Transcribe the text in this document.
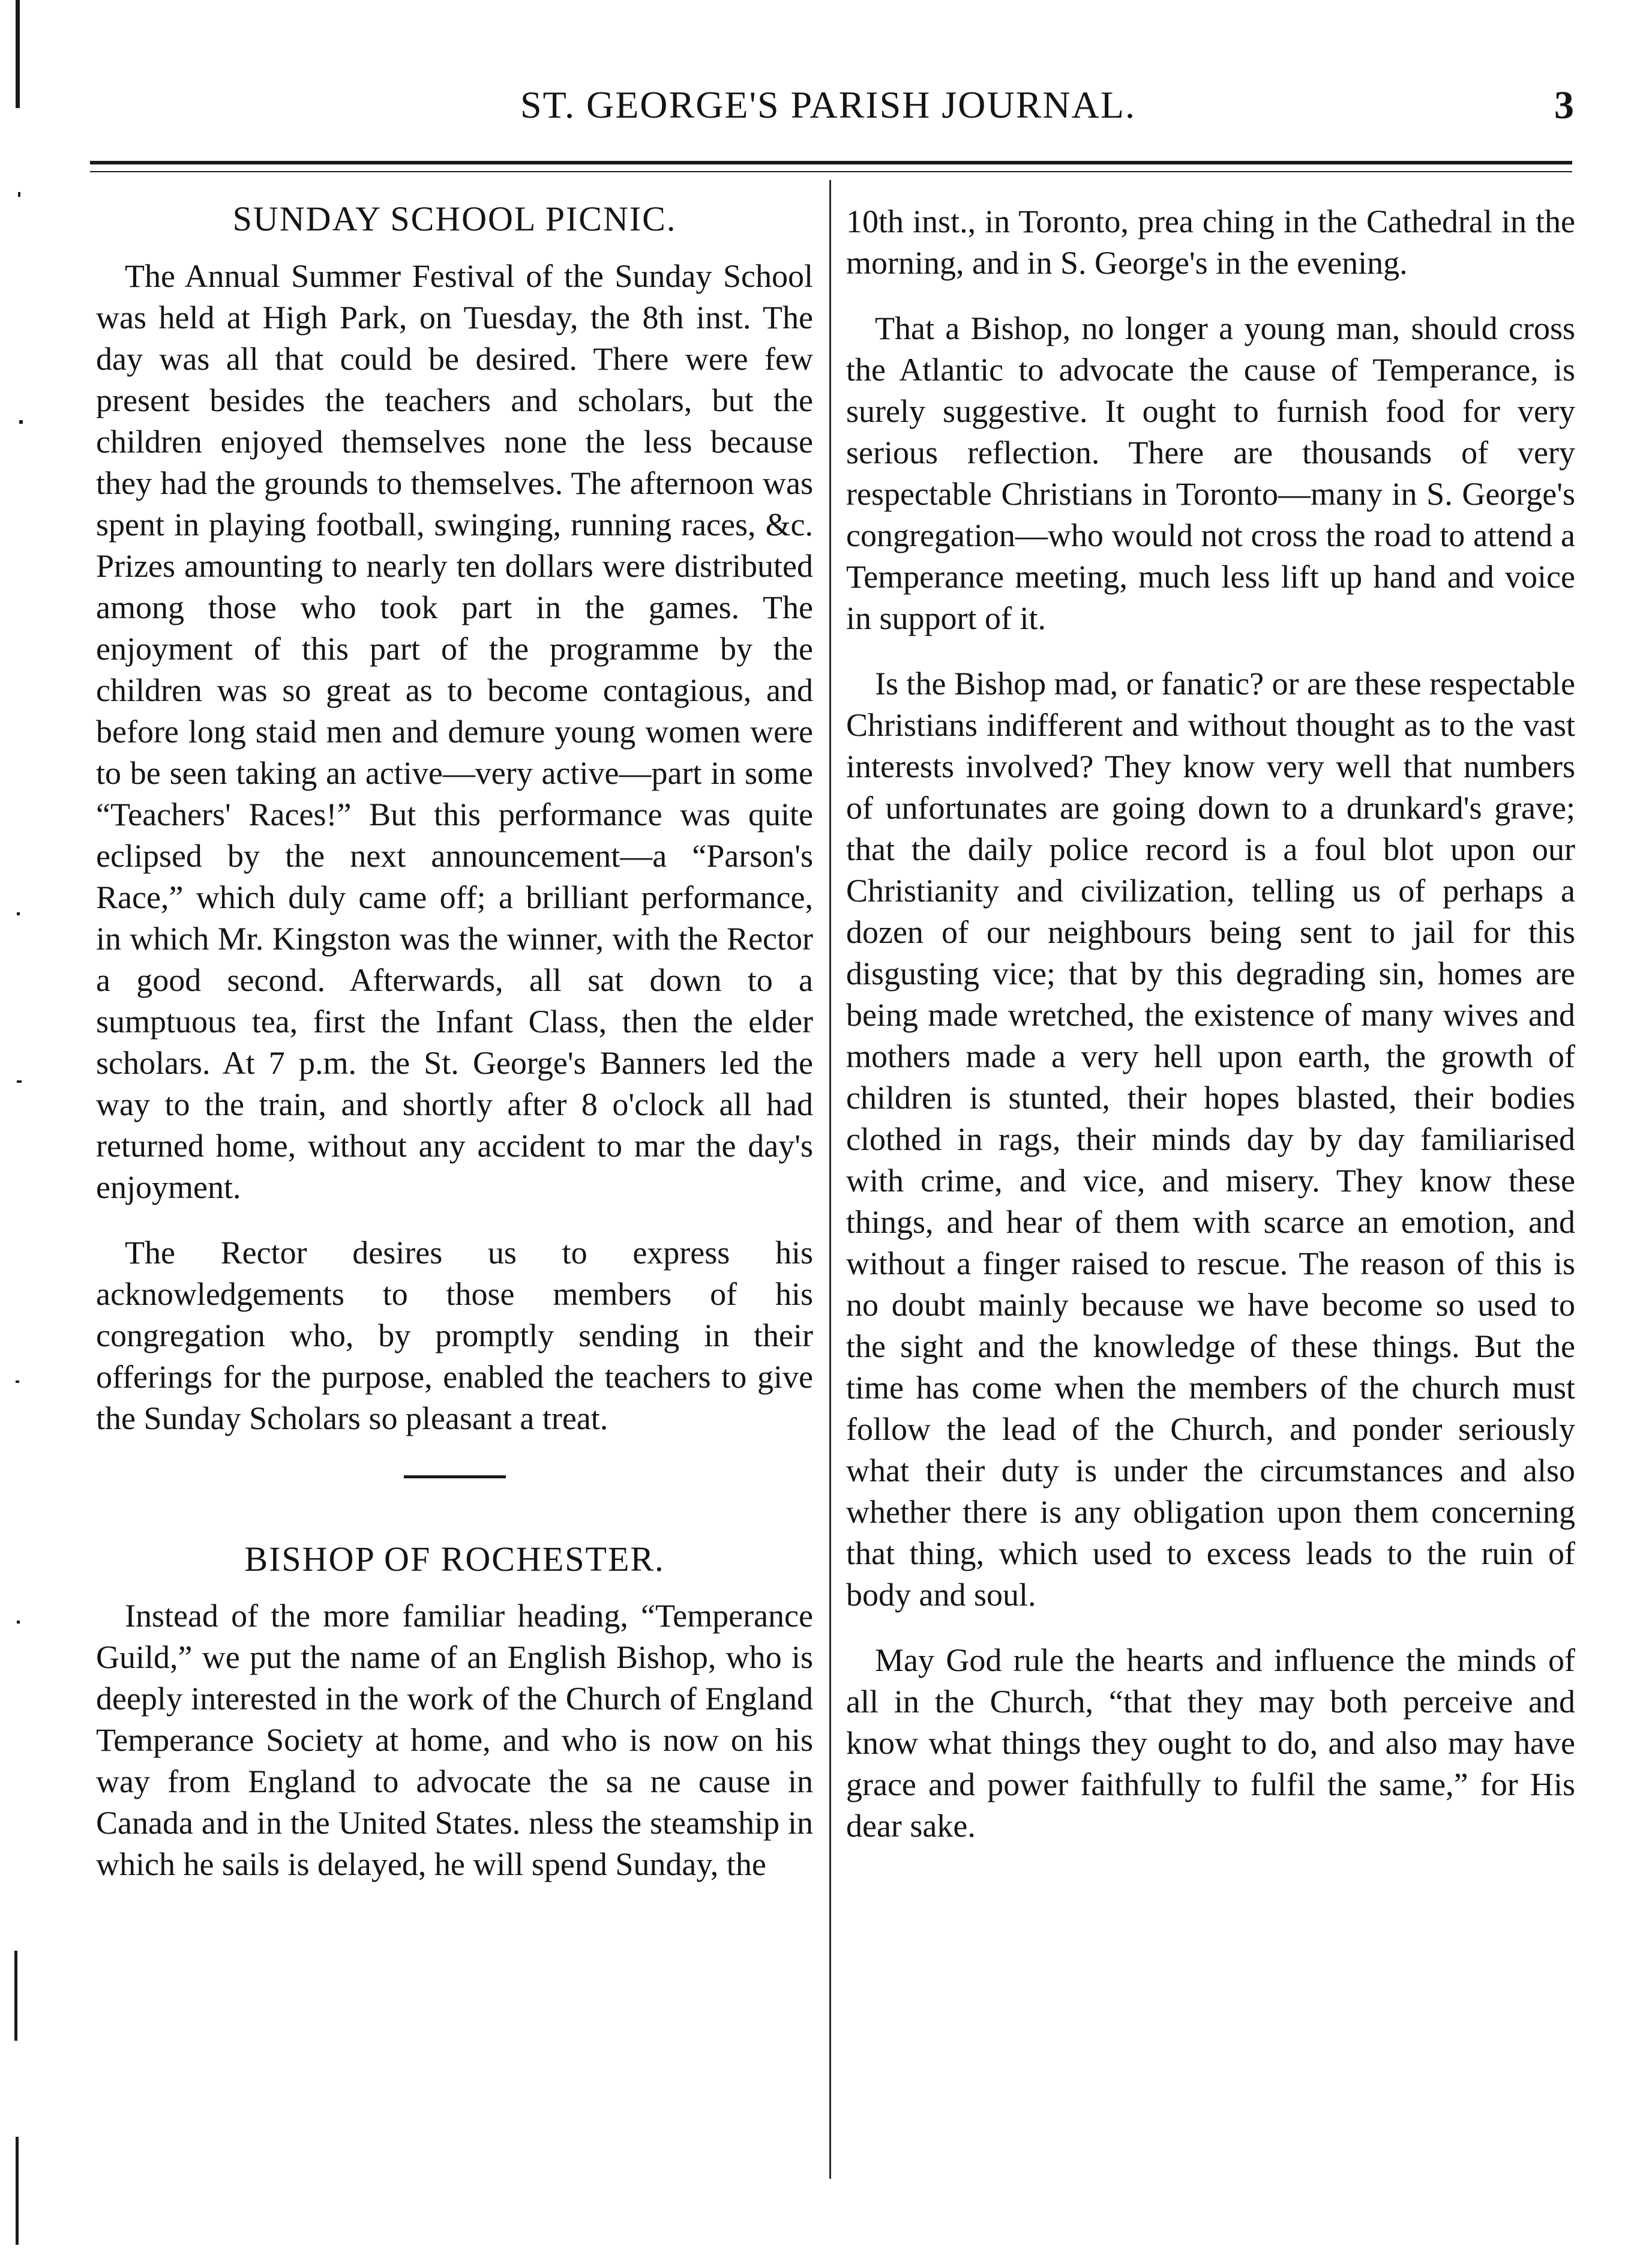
ST. GEORGE'S PARISH JOURNAL.	3
SUNDAY SCHOOL PICNIC.

The Annual Summer Festival of the Sunday School was held at High Park, on Tuesday, the 8th inst. The day was all that could be desired. There were few present besides the teachers and scholars, but the children enjoyed themselves none the less because they had the grounds to themselves. The afternoon was spent in playing football, swinging, running races, &c. Prizes amounting to nearly ten dollars were distributed among those who took part in the games. The enjoyment of this part of the programme by the children was so great as to become contagious, and before long staid men and demure young women were to be seen taking an active—very active—part in some “Teachers' Races!” But this performance was quite eclipsed by the next announcement—a “Parson's Race,” which duly came off; a brilliant performance, in which Mr. Kingston was the winner, with the Rector a good second. Afterwards, all sat down to a sumptuous tea, first the Infant Class, then the elder scholars. At 7 p.m. the St. George's Banners led the way to the train, and shortly after 8 o'clock all had returned home, without any accident to mar the day's enjoyment.

The Rector desires us to express his acknowledgements to those members of his congregation who, by promptly sending in their offerings for the purpose, enabled the teachers to give the Sunday Scholars so pleasant a treat.

BISHOP OF ROCHESTER.

Instead of the more familiar heading, “Temperance Guild,” we put the name of an English Bishop, who is deeply interested in the work of the Church of England Temperance Society at home, and who is now on his way from England to advocate the sa ne cause in Canada and in the United States. nless the steamship in which he sails is delayed, he will spend Sunday, the

10th inst., in Toronto, prea ching in the Cathedral in the morning, and in S. George's in the evening.

That a Bishop, no longer a young man, should cross the Atlantic to advocate the cause of Temperance, is surely suggestive. It ought to furnish food for very serious reflection. There are thousands of very respectable Christians in Toronto—many in S. George's congregation—who would not cross the road to attend a Temperance meeting, much less lift up hand and voice in support of it.

Is the Bishop mad, or fanatic? or are these respectable Christians indifferent and without thought as to the vast interests involved? They know very well that numbers of unfortunates are going down to a drunkard's grave; that the daily police record is a foul blot upon our Christianity and civilization, telling us of perhaps a dozen of our neighbours being sent to jail for this disgusting vice; that by this degrading sin, homes are being made wretched, the existence of many wives and mothers made a very hell upon earth, the growth of children is stunted, their hopes blasted, their bodies clothed in rags, their minds day by day familiarised with crime, and vice, and misery. They know these things, and hear of them with scarce an emotion, and without a finger raised to rescue. The reason of this is no doubt mainly because we have become so used to the sight and the knowledge of these things. But the time has come when the members of the church must follow the lead of the Church, and ponder seriously what their duty is under the circumstances and also whether there is any obligation upon them concerning that thing, which used to excess leads to the ruin of body and soul.

May God rule the hearts and influence the minds of all in the Church, “that they may both perceive and know what things they ought to do, and also may have grace and power faithfully to fulfil the same,” for His dear sake.
